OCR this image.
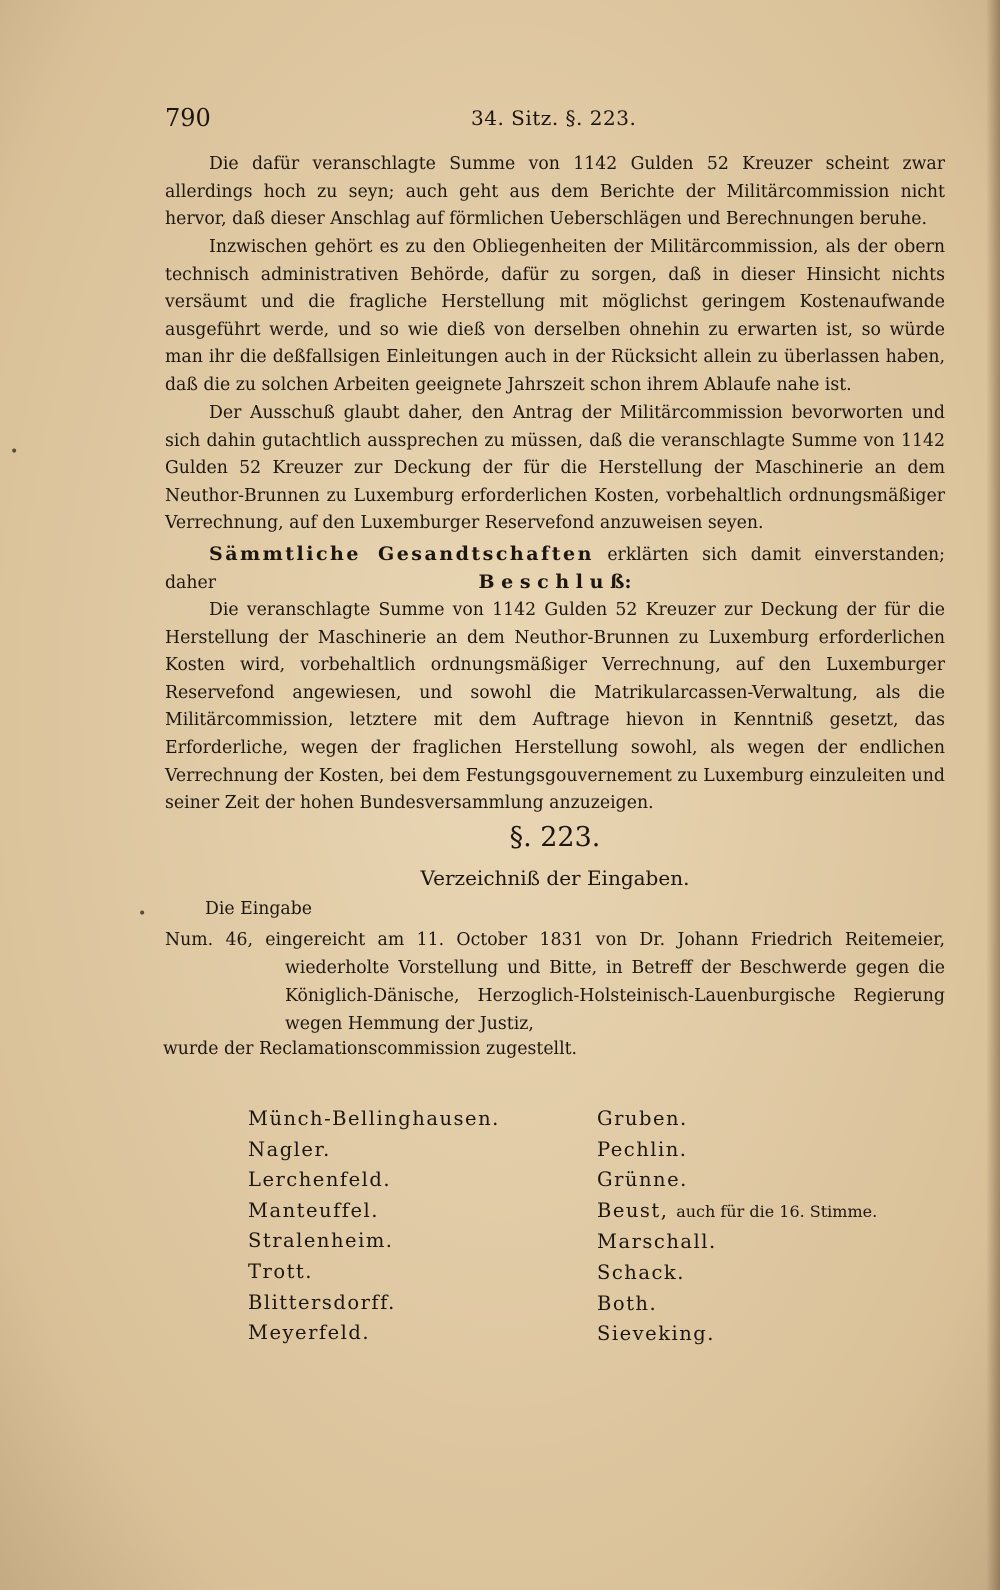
790	34. Sitz. §. 223.
Die dafür veranschlagte Summe von 1142 Gulden 52 Kreuzer scheint zwar allerdings hoch zu seyn; auch geht aus dem Berichte der Militärcommission nicht hervor, daß dieser Anschlag auf förmlichen Ueberschlägen und Berechnungen beruhe.
Inzwischen gehört es zu den Obliegenheiten der Militärcommission, als der obern technisch administrativen Behörde, dafür zu sorgen, daß in dieser Hinsicht nichts versäumt und die fragliche Herstellung mit möglichst geringem Kostenaufwande ausgeführt werde, und so wie dieß von derselben ohnehin zu erwarten ist, so würde man ihr die deßfallsigen Einleitungen auch in der Rücksicht allein zu überlassen haben, daß die zu solchen Arbeiten geeignete Jahrszeit schon ihrem Ablaufe nahe ist.
Der Ausschuß glaubt daher, den Antrag der Militärcommission bevorworten und sich dahin gutachtlich aussprechen zu müssen, daß die veranschlagte Summe von 1142 Gulden 52 Kreuzer zur Deckung der für die Herstellung der Maschinerie an dem Neuthor-Brunnen zu Luxemburg erforderlichen Kosten, vorbehaltlich ordnungsmäßiger Verrechnung, auf den Luxemburger Reservefond anzuweisen seyen.
Sämmtliche Gesandtschaften erklärten sich damit einverstanden; daher	B e s c h l u ß:
Die veranschlagte Summe von 1142 Gulden 52 Kreuzer zur Deckung der für die Herstellung der Maschinerie an dem Neuthor-Brunnen zu Luxemburg erforderlichen Kosten wird, vorbehaltlich ordnungsmäßiger Verrechnung, auf den Luxemburger Reservefond angewiesen, und sowohl die Matrikularcassen-Verwaltung, als die Militärcommission, letztere mit dem Auftrage hievon in Kenntniß gesetzt, das Erforderliche, wegen der fraglichen Herstellung sowohl, als wegen der endlichen Verrechnung der Kosten, bei dem Festungsgouvernement zu Luxemburg einzuleiten und seiner Zeit der hohen Bundesversammlung anzuzeigen.
§. 223.
Verzeichniß der Eingaben.
Die Eingabe
Num. 46, eingereicht am 11. October 1831 von Dr. Johann Friedrich Reitemeier, wiederholte Vorstellung und Bitte, in Betreff der Beschwerde gegen die Königlich-Dänische, Herzoglich-Holsteinisch-Lauenburgische Regierung wegen Hemmung der Justiz,
wurde der Reclamationscommission zugestellt.
Münch-Bellinghausen.
Nagler.
Lerchenfeld.
Manteuffel.
Stralenheim.
Trott.
Blittersdorff.
Meyerfeld.
Gruben.
Pechlin.
Grünne.
Beust, auch für die 16. Stimme.
Marschall.
Schack.
Both.
Sieveking.
•
•
